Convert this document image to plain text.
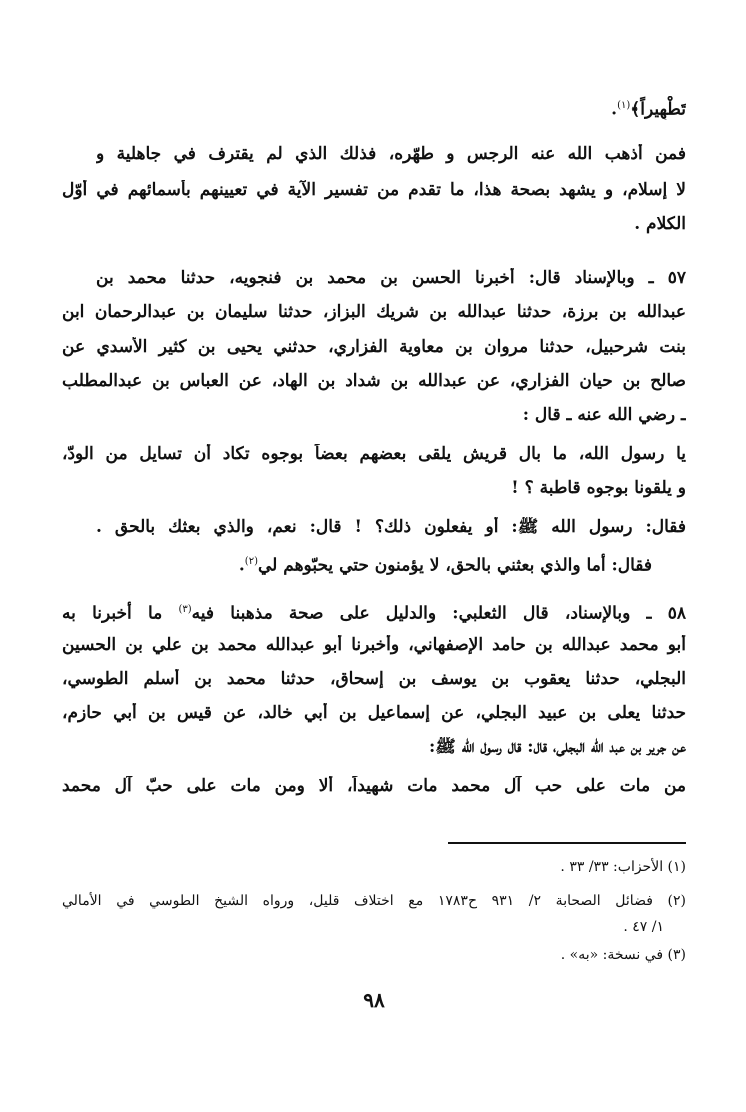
تَطْهِيراً﴾$^{(١)}$.
فمن أذهب الله عنه الرجس و طهّره، فذلك الذي لم يقترف في جاهلية و
لا إسلام، و يشهد بصحة هذا، ما تقدم من تفسير الآية في تعيينهم بأسمائهم في أوّل
الكلام .
٥٧ ـ وبالإسناد قال: أخبرنا الحسن بن محمد بن فنجويه، حدثنا محمد بن
عبدالله بن برزة، حدثنا عبدالله بن شريك البزاز، حدثنا سليمان بن عبدالرحمان ابن
بنت شرحبيل، حدثنا مروان بن معاوية الفزاري، حدثني يحيى بن كثير الأسدي عن
صالح بن حيان الفزاري، عن عبدالله بن شداد بن الهاد، عن العباس بن عبدالمطلب
ـ رضي الله عنه ـ قال :
يا رسول الله، ما بال قريش يلقى بعضهم بعضاً بوجوه تكاد أن تسايل من الودّ،
و يلقونا بوجوه قاطبة ؟ !
فقال: رسول الله ﷺ: أو يفعلون ذلك؟ ! قال: نعم، والذي بعثك بالحق .
فقال: أما والذي بعثني بالحق، لا يؤمنون حتي يحبّوهم لي$^{(٢)}$.
٥٨ ـ وبالإسناد، قال الثعلبي: والدليل على صحة مذهبنا فيه$^{(٣)}$ ما أخبرنا به
أبو محمد عبدالله بن حامد الإصفهاني، وأخبرنا أبو عبدالله محمد بن علي بن الحسين
البجلي، حدثنا يعقوب بن يوسف بن إسحاق، حدثنا محمد بن أسلم الطوسي،
حدثنا يعلى بن عبيد البجلي، عن إسماعيل بن أبي خالد، عن قيس بن أبي حازم،
عن جرير بن عبد الله البجلي، قال: قال رسول الله ﷺ:
من مات على حب آل محمد مات شهيداً، ألا ومن مات على حبّ آل محمد
(١) الأحزاب: ٣٣/ ٣٣ .
(٢) فضائل الصحابة ٢/ ٩٣١ ح١٧٨٣ مع اختلاف قليل، ورواه الشيخ الطوسي في الأمالي
١/ ٤٧ .
(٣) في نسخة: «به» .
٩٨
